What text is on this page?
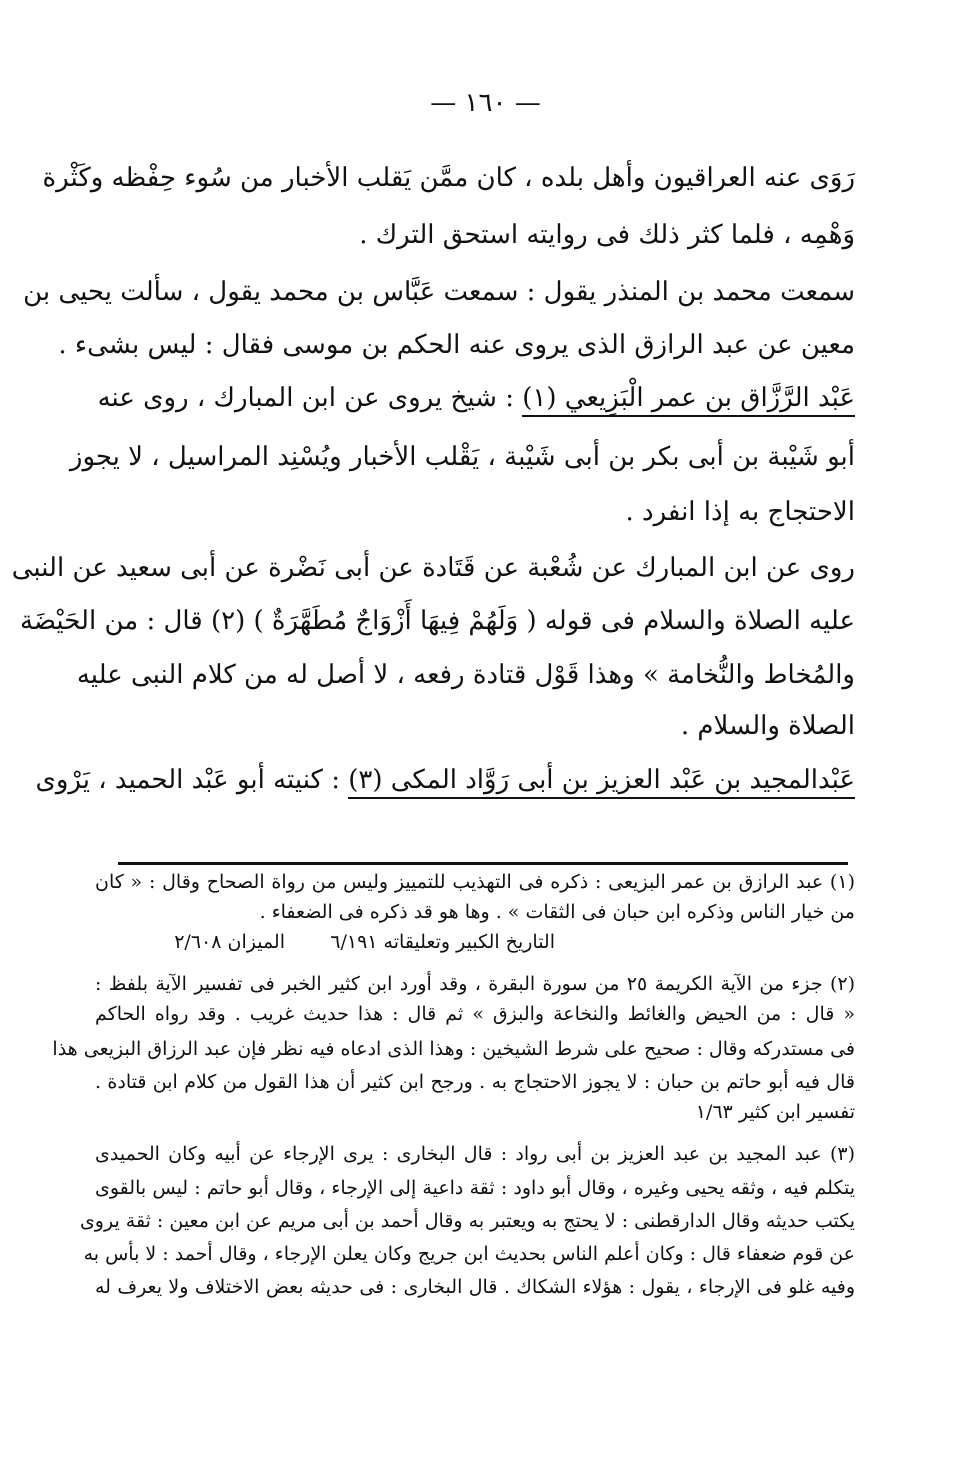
— ١٦٠ —
رَوَى عنه العراقيون وأهل بلده ، كان ممَّن يَقلب الأخبار من سُوء حِفْظه وكَثْرة
وَهْمِه ، فلما كثر ذلك فى روايته استحق الترك .
سمعت محمد بن المنذر يقول : سمعت عَبَّاس بن محمد يقول ، سألت يحيى بن
معين عن عبد الرازق الذى يروى عنه الحكم بن موسى فقال : ليس بشىء .
عَبْد الرَّزَّاق بن عمر الْبَزِيعي (١) : شيخ يروى عن ابن المبارك ، روى عنه
أبو شَيْبة بن أبى بكر بن أبى شَيْبة ، يَقْلب الأخبار ويُسْنِد المراسيل ، لا يجوز
الاحتجاج به إذا انفرد .
روى عن ابن المبارك عن شُعْبة عن قَتَادة عن أبى نَضْرة عن أبى سعيد عن النبى
عليه الصلاة والسلام فى قوله ( وَلَهُمْ فِيهَا أَزْوَاجٌ مُطَهَّرَةٌ ) (٢) قال : من الحَيْضَة
والمُخاط والنُّخامة » وهذا قَوْل قتادة رفعه ، لا أصل له من كلام النبى عليه
الصلاة والسلام .
عَبْدالمجيد بن عَبْد العزيز بن أبى رَوَّاد المكى (٣) : كنيته أبو عَبْد الحميد ، يَرْوى
(١) عبد الرازق بن عمر البزيعى : ذكره فى التهذيب للتمييز وليس من رواة الصحاح وقال : « كان
من خيار الناس وذكره ابن حبان فى الثقات » . وها هو قد ذكره فى الضعفاء .
التاريخ الكبير وتعليقاته ٦/١٩١
الميزان ٢/٦٠٨
(٢) جزء من الآية الكريمة ٢٥ من سورة البقرة ، وقد أورد ابن كثير الخبر فى تفسير الآية بلفظ :
« قال : من الحيض والغائط والنخاعة والبزق » ثم قال : هذا حديث غريب . وقد رواه الحاكم
فى مستدركه وقال : صحيح على شرط الشيخين : وهذا الذى ادعاه فيه نظر فإن عبد الرزاق البزيعى هذا
قال فيه أبو حاتم بن حبان : لا يجوز الاحتجاج به . ورجح ابن كثير أن هذا القول من كلام ابن قتادة .
تفسير ابن كثير ١/٦٣
(٣) عبد المجيد بن عبد العزيز بن أبى رواد : قال البخارى : يرى الإرجاء عن أبيه وكان الحميدى
يتكلم فيه ، وثقه يحيى وغيره ، وقال أبو داود : ثقة داعية إلى الإرجاء ، وقال أبو حاتم : ليس بالقوى
يكتب حديثه وقال الدارقطنى : لا يحتج به ويعتبر به وقال أحمد بن أبى مريم عن ابن معين : ثقة يروى
عن قوم ضعفاء قال : وكان أعلم الناس بحديث ابن جريج وكان يعلن الإرجاء ، وقال أحمد : لا بأس به
وفيه غلو فى الإرجاء ، يقول : هؤلاء الشكاك . قال البخارى : فى حديثه بعض الاختلاف ولا يعرف له
